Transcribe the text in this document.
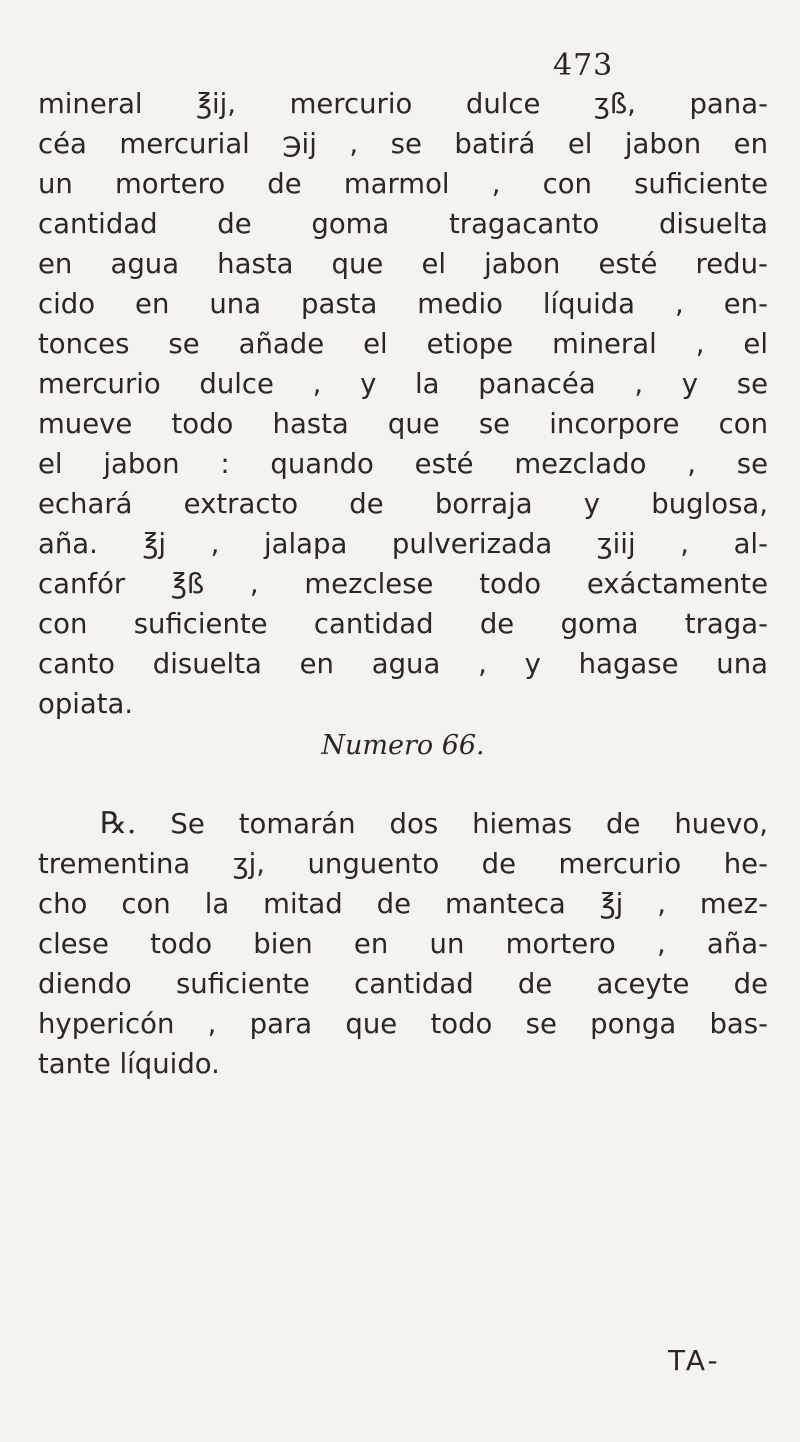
473
mineral ℥ij, mercurio dulce ʒß, pana-
céa mercurial ℈ij , se batirá el jabon en
un mortero de marmol , con suficiente
cantidad de goma tragacanto disuelta
en agua hasta que el jabon esté redu-
cido en una pasta medio líquida , en-
tonces se añade el etiope mineral , el
mercurio dulce , y la panacéa , y se
mueve todo hasta que se incorpore con
el jabon : quando esté mezclado , se
echará extracto de borraja y buglosa,
aña. ℥j , jalapa pulverizada ʒiij , al-
canfór ℥ß , mezclese todo exáctamente
con suficiente cantidad de goma traga-
canto disuelta en agua , y hagase una
opiata.
Numero 66.
℞. Se tomarán dos hiemas de huevo,
trementina ʒj, unguento de mercurio he-
cho con la mitad de manteca ℥j , mez-
clese todo bien en un mortero , aña-
diendo suficiente cantidad de aceyte de
hypericón , para que todo se ponga bas-
tante líquido.
TA-
